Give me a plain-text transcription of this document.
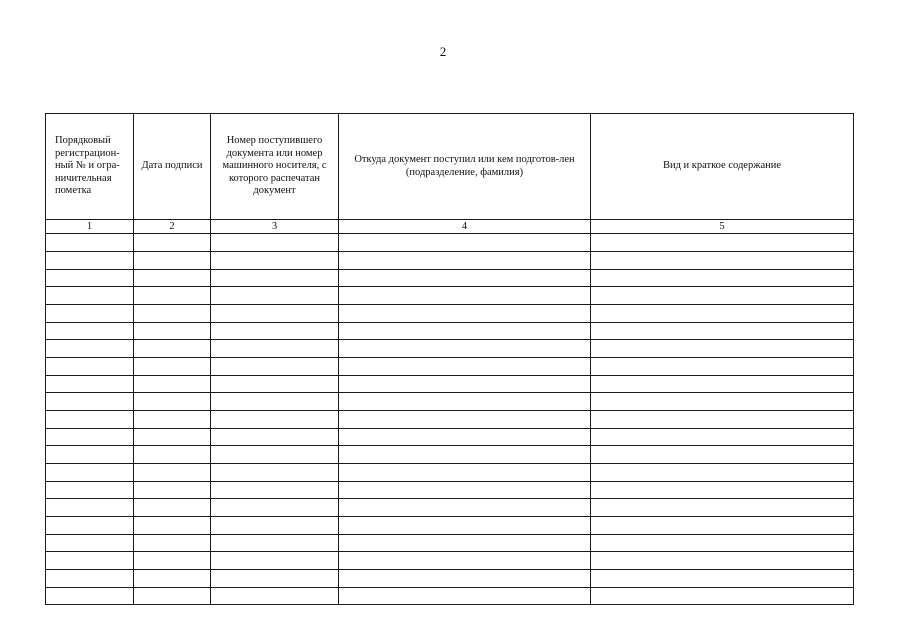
2
Порядковый регистрацион-ный № и огра-ничительная пометка	Дата подписи	Номер поступившего документа или номер машинного носителя, с которого распечатан документ	Откуда документ поступил или кем подготов-лен (подразделение, фамилия)	Вид и краткое содержание
1	2	3	4	5
